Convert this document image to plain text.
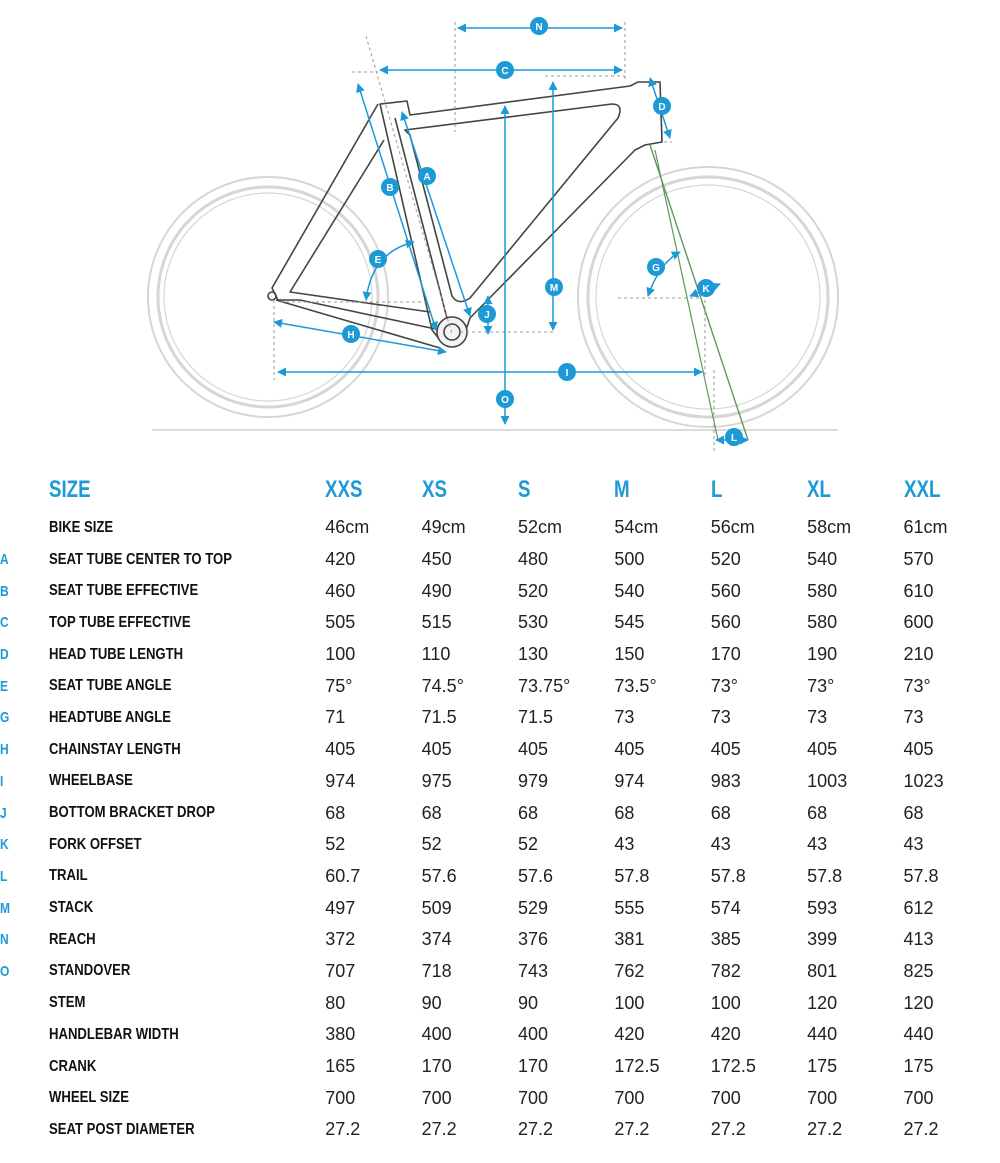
N
C
D
A
B
E
G
M	K
J
H
I
O
L
	SIZE	XXS	XS	S	M	L	XL	XXL
	BIKE SIZE	46cm	49cm	52cm	54cm	56cm	58cm	61cm
A	SEAT TUBE CENTER TO TOP	420	450	480	500	520	540	570
B	SEAT TUBE EFFECTIVE	460	490	520	540	560	580	610
C	TOP TUBE EFFECTIVE	505	515	530	545	560	580	600
D	HEAD TUBE LENGTH	100	110	130	150	170	190	210
E	SEAT TUBE ANGLE	75°	74.5°	73.75°	73.5°	73°	73°	73°
G	HEADTUBE ANGLE	71	71.5	71.5	73	73	73	73
H	CHAINSTAY LENGTH	405	405	405	405	405	405	405
I	WHEELBASE	974	975	979	974	983	1003	1023
J	BOTTOM BRACKET DROP	68	68	68	68	68	68	68
K	FORK OFFSET	52	52	52	43	43	43	43
L	TRAIL	60.7	57.6	57.6	57.8	57.8	57.8	57.8
M	STACK	497	509	529	555	574	593	612
N	REACH	372	374	376	381	385	399	413
O	STANDOVER	707	718	743	762	782	801	825
	STEM	80	90	90	100	100	120	120
	HANDLEBAR WIDTH	380	400	400	420	420	440	440
	CRANK	165	170	170	172.5	172.5	175	175
	WHEEL SIZE	700	700	700	700	700	700	700
	SEAT POST DIAMETER	27.2	27.2	27.2	27.2	27.2	27.2	27.2
